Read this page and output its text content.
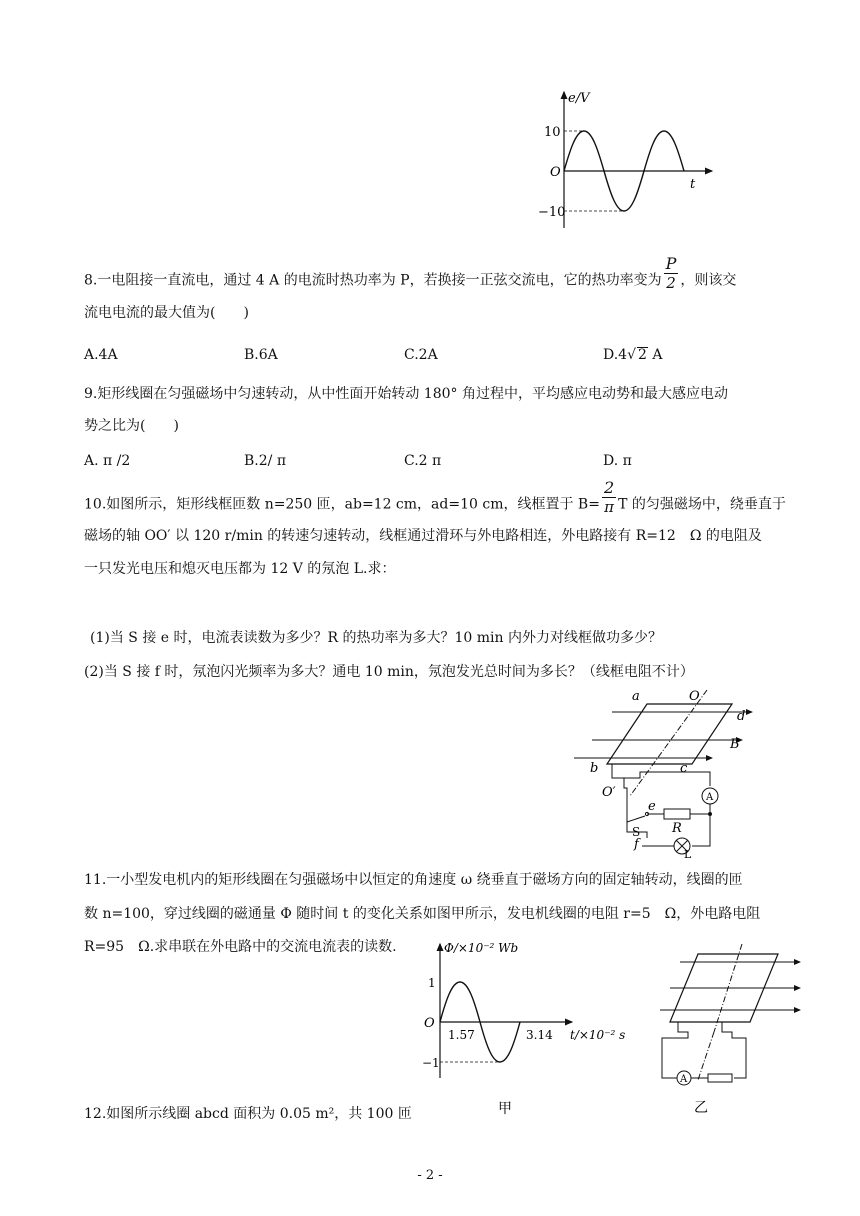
e/V
t
O
10
−10
8.一电阻接一直流电，通过 4 A 的电流时热功率为 P，若换接一正弦交流电，它的热功率变为 $\frac{P}{2}$ ，则该交
流电电流的最大值为(　　)
A.4A	B.6A	C.2A	D.4√ 2 A
9.矩形线圈在匀强磁场中匀速转动，从中性面开始转动 180° 角过程中，平均感应电动势和最大感应电动
势之比为(　　)
A. π /2	B.2/ π	C.2 π	D. π
10.如图所示，矩形线框匝数 n=250 匝，ab=12 cm，ad=10 cm，线框置于 $B= \frac{2}{\pi}$ T 的匀强磁场中，绕垂直于
磁场的轴 OO′ 以 120 r/min 的转速匀速转动，线框通过滑环与外电路相连，外电路接有 R=12　Ω 的电阻及
一只发光电压和熄灭电压都为 12 V 的氖泡 L.求：
(1)当 S 接 e 时，电流表读数为多少？R 的热功率为多大？10 min 内外力对线框做功多少？
(2)当 S 接 f 时，氖泡闪光频率为多大？通电 10 min，氖泡发光总时间为多长？（线框电阻不计）
A
O
a
d
B
b	c
O′
e
R
S
f
L
11.一小型发电机内的矩形线圈在匀强磁场中以恒定的角速度 ω 绕垂直于磁场方向的固定轴转动，线圈的匝
数 n=100，穿过线圈的磁通量 Φ 随时间 t 的变化关系如图甲所示，发电机线圈的电阻 r=5　Ω，外电路电阻
R=95　Ω.求串联在外电路中的交流电流表的读数.	Φ/×10⁻² Wb
t/×10⁻² s
O
1
−1
1.57	3.14
甲
A
乙
12.如图所示线圈 abcd 面积为 0.05 m²，共 100 匝
- 2 -
